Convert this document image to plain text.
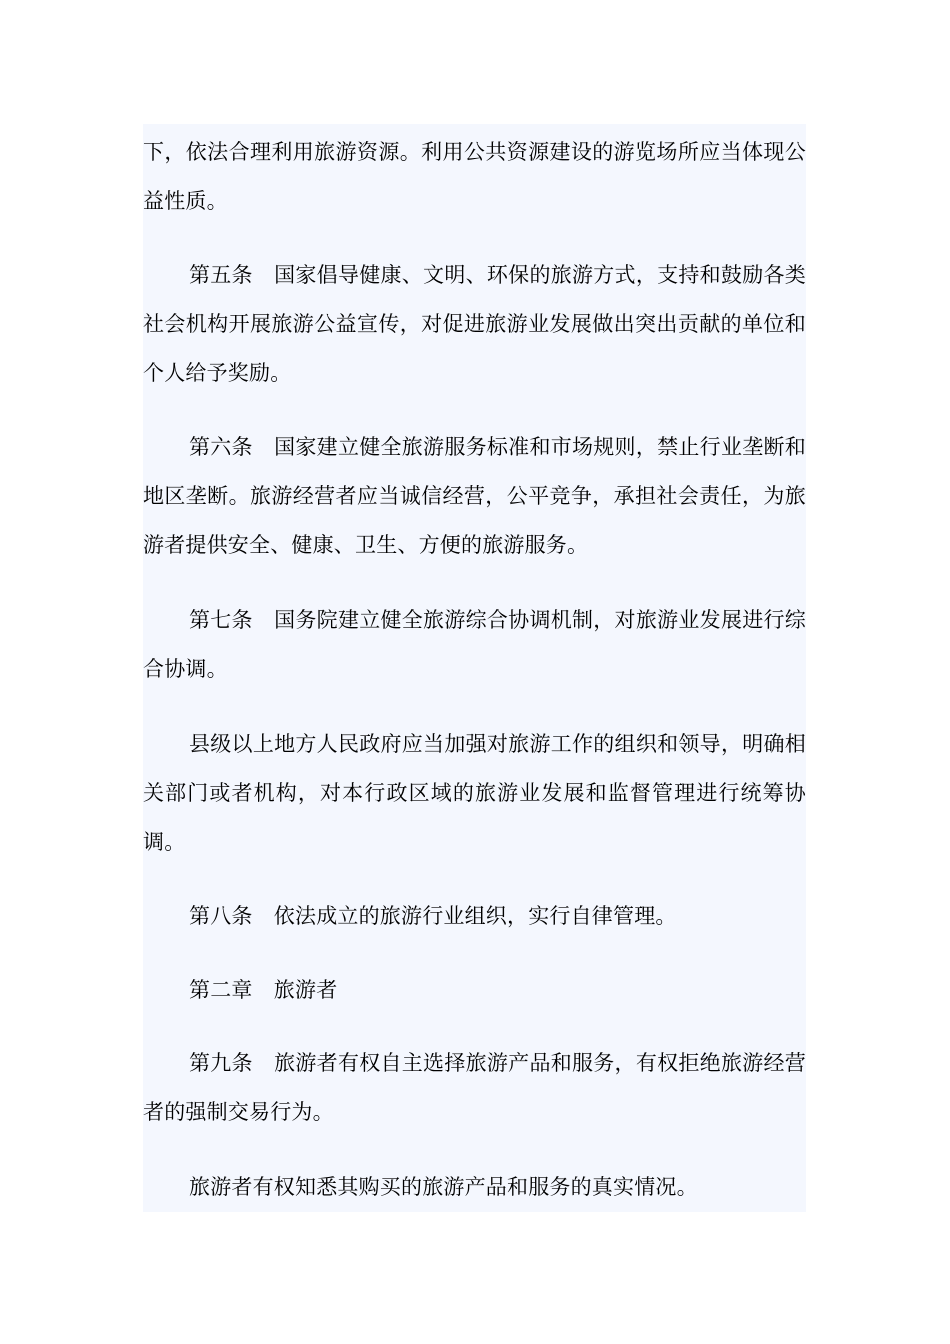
下，依法合理利用旅游资源。利用公共资源建设的游览场所应当体现公益性质。

第五条　国家倡导健康、文明、环保的旅游方式，支持和鼓励各类社会机构开展旅游公益宣传，对促进旅游业发展做出突出贡献的单位和个人给予奖励。

第六条　国家建立健全旅游服务标准和市场规则，禁止行业垄断和地区垄断。旅游经营者应当诚信经营，公平竞争，承担社会责任，为旅游者提供安全、健康、卫生、方便的旅游服务。

第七条　国务院建立健全旅游综合协调机制，对旅游业发展进行综合协调。

县级以上地方人民政府应当加强对旅游工作的组织和领导，明确相关部门或者机构，对本行政区域的旅游业发展和监督管理进行统筹协调。

第八条　依法成立的旅游行业组织，实行自律管理。

第二章　旅游者

第九条　旅游者有权自主选择旅游产品和服务，有权拒绝旅游经营者的强制交易行为。

旅游者有权知悉其购买的旅游产品和服务的真实情况。
